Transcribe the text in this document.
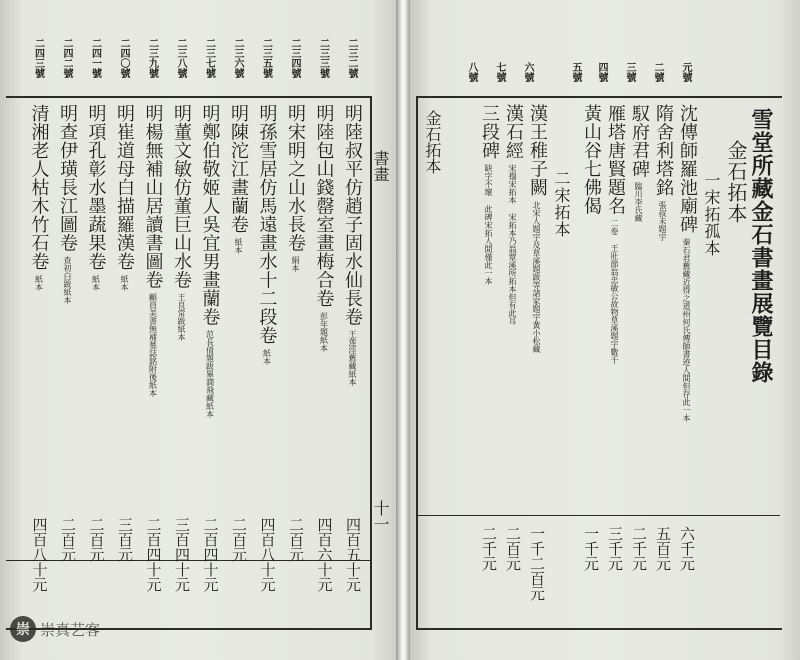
書畫
十一
二三二號
明陸叔平仿趙子固水仙長卷
王莲涇舊藏紙本
四百五十元
二三三號
明陸包山錢罄室畫梅合卷
彭年題紙本
四百六十元
二三四號
明宋明之山水長卷
絹本
二百元
二三五號
明孫雪居仿馬遠畫水十二段卷
紙本
四百八十元
二三六號
明陳沱江畫蘭卷
紙本
二百元
二三七號
明鄭伯敬姬人吳宜男畫蘭卷
范長倩題跋畢澗飛藏紙本
二百四十元
二三八號
明董文敏仿董巨山水卷
王良常跋紙本
三百四十元
二三九號
明楊無補山居讀書圖卷
顧員美書無補墓誌銘附後紙本
二百四十元
二四〇號
明崔道母白描羅漢卷
紙本
三百元
二四一號
明項孔彰水墨蔬果卷
紙本
二百元
二四二號
明查伊璜長江圖卷
查初白跋紙本
二百元
二四三號
清湘老人枯木竹石卷
紙本
四百八十元
崇 崇真艺客
雪堂所藏金石書畫展覽目錄
金石拓本
一宋拓孤本
二宋拓本
金石拓本
元號
沈傳師羅池廟碑
秦石君舊藏近得之道州何氏傳師書迹人間但存此一本
六千元
二號
隋舍利塔銘
張叔未題字
五百元
三號
馭府君碑
臨川李氏藏
二千元
四號
雁塔唐賢題名
二卷 王壯節翁忠敏公故物草溪題字數千
三千元
五號
黃山谷七佛偈
一千元
六號
漢王稚子闕
北宋人題字及草溪題跋等諸家題字黃小松藏
一千二百元
七號
漢石經
宋搨宋拓本 宋拓本乃翁覃溪所拓本但有此耳
二百元
八號
三段碑
缺字不壞 此碑宋拓人間僅此一本
二千元
